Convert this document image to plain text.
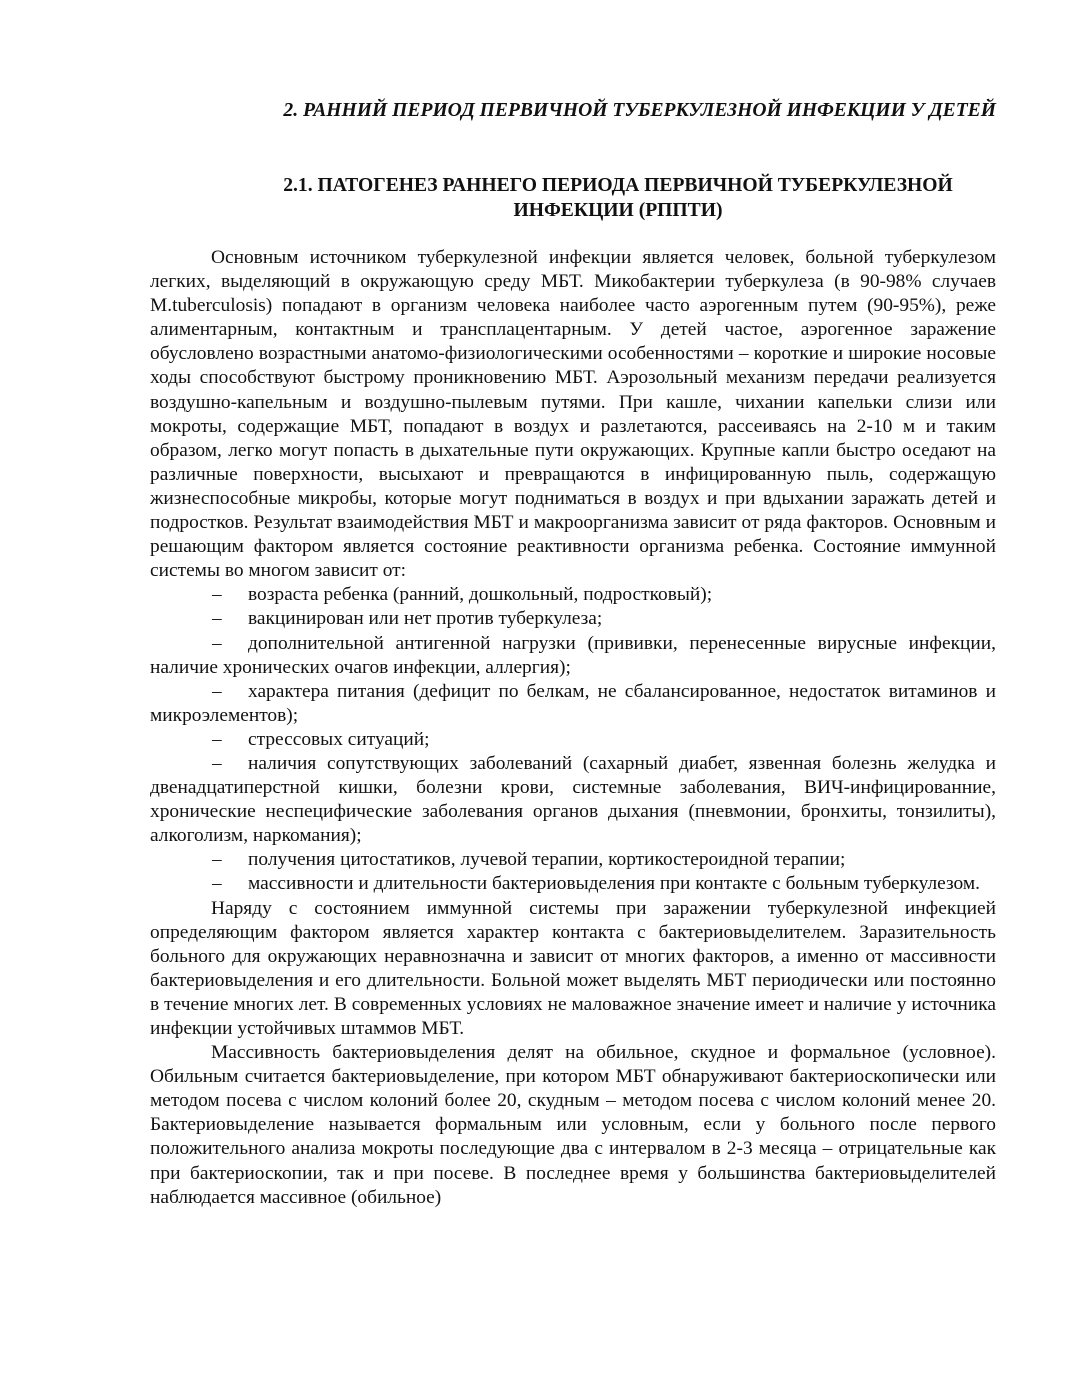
2. РАННИЙ ПЕРИОД ПЕРВИЧНОЙ ТУБЕРКУЛЕЗНОЙ ИНФЕКЦИИ У ДЕТЕЙ
2.1. ПАТОГЕНЕЗ РАННЕГО ПЕРИОДА ПЕРВИЧНОЙ ТУБЕРКУЛЕЗНОЙ ИНФЕКЦИИ (РППТИ)

Основным источником туберкулезной инфекции является человек, больной туберкулезом легких, выделяющий в окружающую среду МБТ. Микобактерии туберкулеза (в 90-98% случаев M.tuberculosis) попадают в организм человека наиболее часто аэрогенным путем (90-95%), реже алиментарным, контактным и трансплацентарным. У детей частое, аэрогенное заражение обусловлено возрастными анатомо-физиологическими особенностями – короткие и широкие носовые ходы способствуют быстрому проникновению МБТ. Аэрозольный механизм передачи реализуется воздушно-капельным и воздушно-пылевым путями. При кашле, чихании капельки слизи или мокроты, содержащие МБТ, попадают в воздух и разлетаются, рассеиваясь на 2-10 м и таким образом, легко могут попасть в дыхательные пути окружающих. Крупные капли быстро оседают на различные поверхности, высыхают и превращаются в инфицированную пыль, содержащую жизнеспособные микробы, которые могут подниматься в воздух и при вдыхании заражать детей и подростков. Результат взаимодействия МБТ и макроорганизма зависит от ряда факторов. Основным и решающим фактором является состояние реактивности организма ребенка. Состояние иммунной системы во многом зависит от:

– возраста ребенка (ранний, дошкольный, подростковый);

– вакцинирован или нет против туберкулеза;

– дополнительной антигенной нагрузки (прививки, перенесенные вирусные инфекции, наличие хронических очагов инфекции, аллергия);

– характера питания (дефицит по белкам, не сбалансированное, недостаток витаминов и микроэлементов);

– стрессовых ситуаций;

– наличия сопутствующих заболеваний (сахарный диабет, язвенная болезнь желудка и двенадцатиперстной кишки, болезни крови, системные заболевания, ВИЧ-инфицированние, хронические неспецифические заболевания органов дыхания (пневмонии, бронхиты, тонзилиты), алкоголизм, наркомания);

– получения цитостатиков, лучевой терапии, кортикостероидной терапии;

– массивности и длительности бактериовыделения при контакте с больным туберкулезом.

Наряду с состоянием иммунной системы при заражении туберкулезной инфекцией определяющим фактором является характер контакта с бактериовыделителем. Заразительность больного для окружающих неравнозначна и зависит от многих факторов, а именно от массивности бактериовыделения и его длительности. Больной может выделять МБТ периодически или постоянно в течение многих лет. В современных условиях не маловажное значение имеет и наличие у источника инфекции устойчивых штаммов МБТ.

Массивность бактериовыделения делят на обильное, скудное и формальное (условное). Обильным считается бактериовыделение, при котором МБТ обнаруживают бактериоскопически или методом посева с числом колоний более 20, скудным – методом посева с числом колоний менее 20. Бактериовыделение называется формальным или условным, если у больного после первого положительного анализа мокроты последующие два с интервалом в 2-3 месяца – отрицательные как при бактериоскопии, так и при посеве. В последнее время у большинства бактериовыделителей наблюдается массивное (обильное)
